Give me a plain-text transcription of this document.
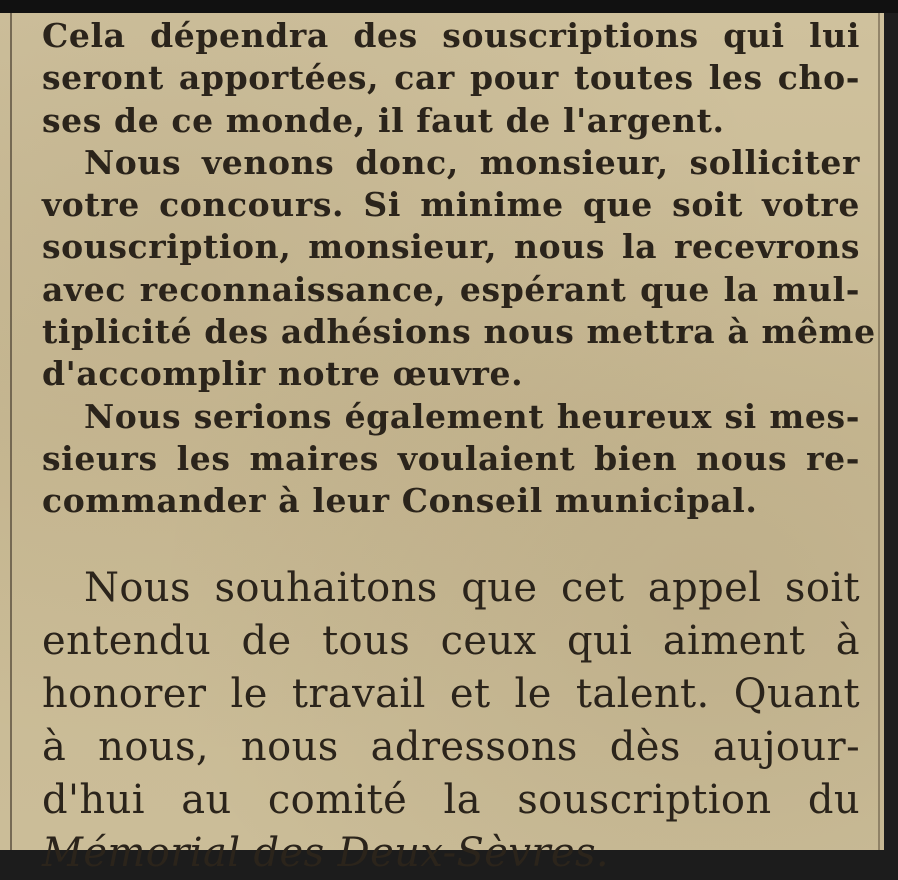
Cela dépendra des souscriptions qui lui
seront apportées, car pour toutes les cho-
ses de ce monde, il faut de l'argent.
Nous venons donc, monsieur, solliciter
votre concours. Si minime que soit votre
souscription, monsieur, nous la recevrons
avec reconnaissance, espérant que la mul-
tiplicité des adhésions nous mettra à même
d'accomplir notre œuvre.
Nous serions également heureux si mes-
sieurs les maires voulaient bien nous re-
commander à leur Conseil municipal.
Nous souhaitons que cet appel soit
entendu de tous ceux qui aiment à
honorer le travail et le talent. Quant
à nous, nous adressons dès aujour-
d'hui au comité la souscription du
Mémorial des Deux-Sèvres.
